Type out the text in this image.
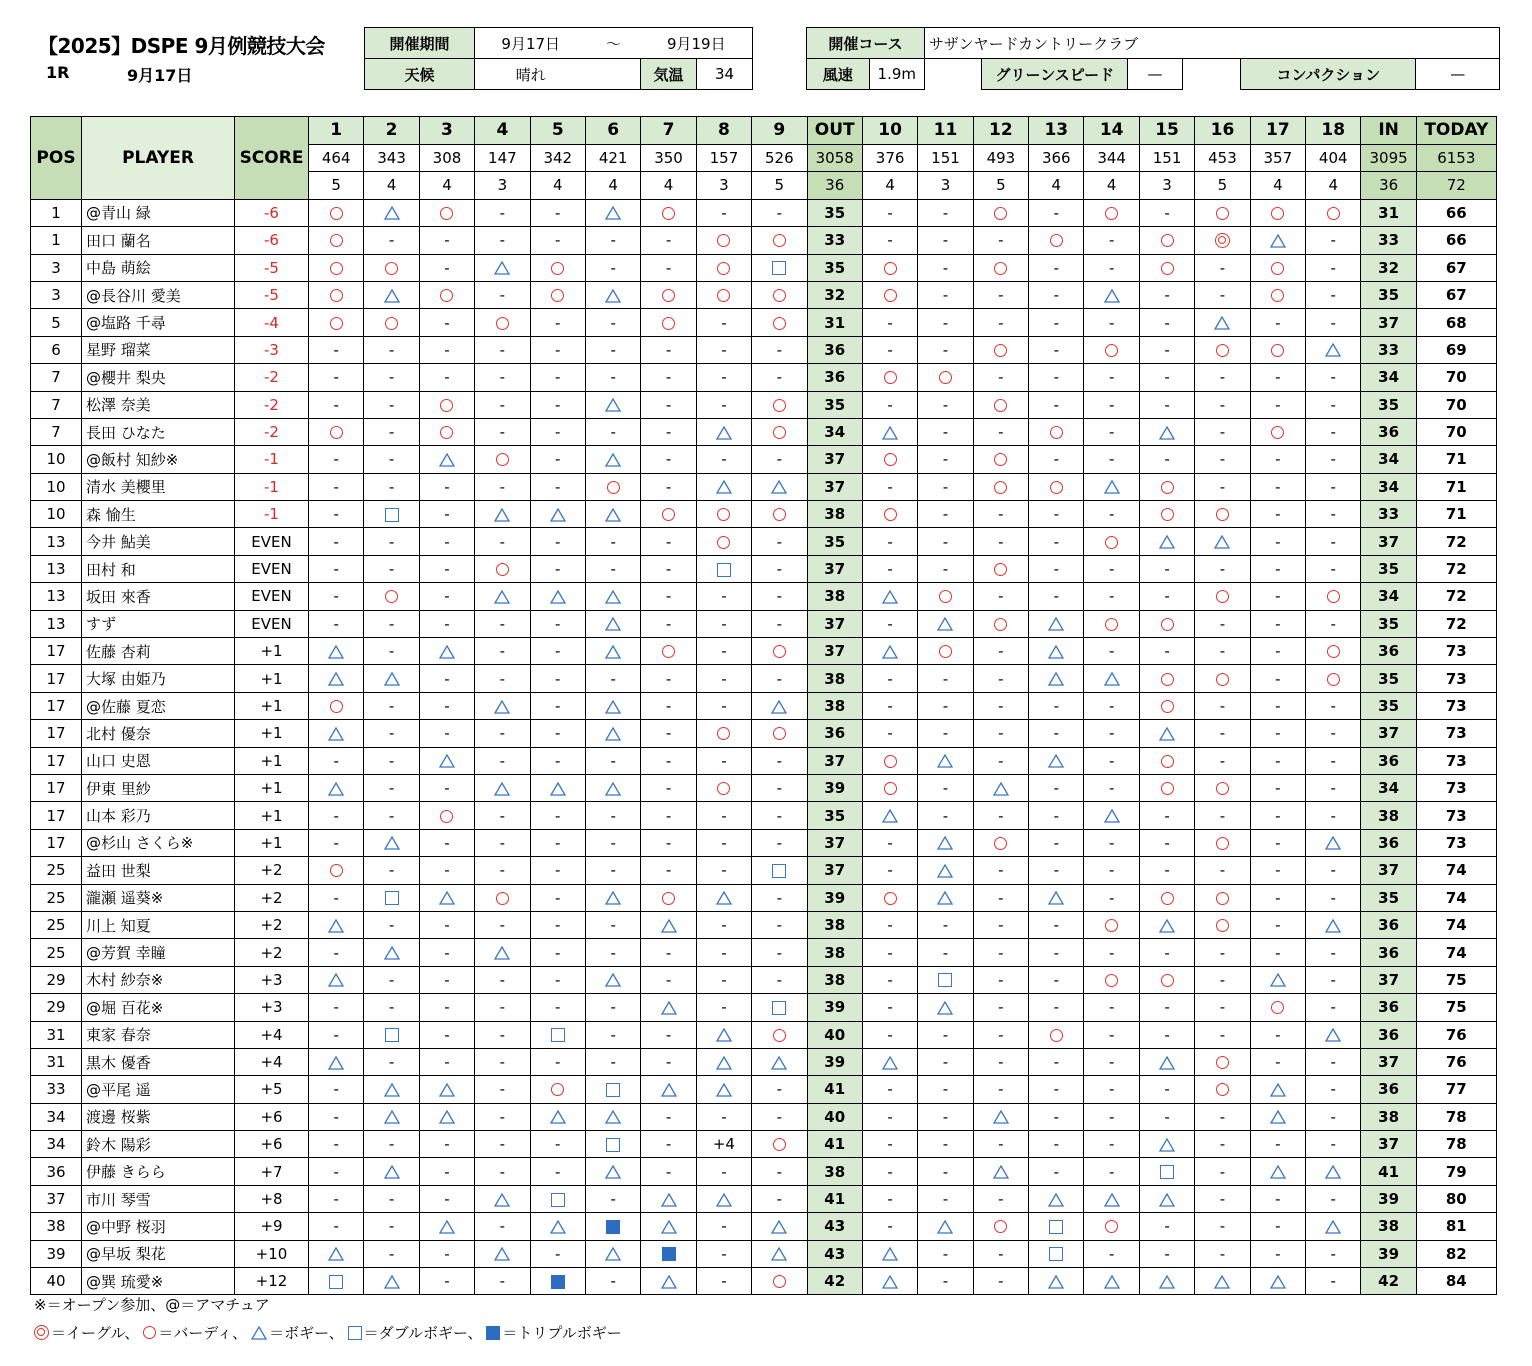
【2025】DSPE 9月例競技大会
1R	9月17日
開催期間	9月17日	〜	9月19日	
天候	晴れ		気温	34
開催コース		サザンヤードカントリークラブ					
風速	1.9m		グリーンスピード	—		コンパクション	—
POS	PLAYER	SCORE	1	2	3	4	5	6	7	8	9	OUT	10	11	12	13	14	15	16	17	18	IN	TODAY
			464	343	308	147	342	421	350	157	526	3058	376	151	493	366	344	151	453	357	404	3095	6153
			5	4	4	3	4	4	4	3	5	36	4	3	5	4	4	3	5	4	4	36	72
1	@青山 緑	-6				-	-			-	-	35	-	-		-		-				31	66
1	田口 蘭名	-6		-	-	-	-	-	-			33	-	-	-		-				-	33	66
3	中島 萌絵	-5			-			-	-			35		-		-	-		-		-	32	67
3	@長谷川 愛美	-5				-						32		-	-	-		-	-		-	35	67
5	@塩路 千尋	-4			-		-	-		-		31	-	-	-	-	-	-		-	-	37	68
6	星野 瑠菜	-3	-	-	-	-	-	-	-	-	-	36	-	-		-		-				33	69
7	@櫻井 梨央	-2	-	-	-	-	-	-	-	-	-	36			-	-	-	-	-	-	-	34	70
7	松澤 奈美	-2	-	-		-	-		-	-		35	-	-		-	-	-	-	-	-	35	70
7	長田 ひなた	-2		-		-	-	-	-			34		-	-		-		-		-	36	70
10	@飯村 知紗※	-1	-	-			-		-	-	-	37		-		-	-	-	-	-	-	34	71
10	清水 美櫻里	-1	-	-	-	-	-		-			37	-	-					-	-	-	34	71
10	森 愉生	-1	-		-							38		-	-	-	-			-	-	33	71
13	今井 鮎美	EVEN	-	-	-	-	-	-	-		-	35	-	-	-	-				-	-	37	72
13	田村 和	EVEN	-	-	-		-	-	-		-	37	-	-		-	-	-	-	-	-	35	72
13	坂田 來香	EVEN	-		-				-	-	-	38			-	-	-	-		-		34	72
13	すず	EVEN	-	-	-	-	-		-	-	-	37	-						-	-	-	35	72
17	佐藤 杏莉	+1		-		-	-			-		37			-		-	-	-	-		36	73
17	大塚 由姫乃	+1			-	-	-	-	-	-	-	38	-	-	-					-		35	73
17	@佐藤 夏恋	+1		-	-		-		-	-		38	-	-	-	-	-		-	-	-	35	73
17	北村 優奈	+1		-	-	-	-		-			36	-	-	-	-	-		-	-	-	37	73
17	山口 史恩	+1	-	-		-	-	-	-	-	-	37			-		-		-	-	-	36	73
17	伊東 里紗	+1		-	-				-		-	39		-		-	-			-	-	34	73
17	山本 彩乃	+1	-	-		-	-	-	-	-	-	35		-	-	-		-	-	-	-	38	73
17	@杉山 さくら※	+1	-		-	-	-	-	-	-	-	37	-			-	-	-		-		36	73
25	益田 世梨	+2		-	-	-	-	-	-	-		37	-		-	-	-	-	-	-	-	37	74
25	瀧瀬 遥葵※	+2	-				-				-	39			-		-			-	-	35	74
25	川上 知夏	+2		-	-	-	-	-		-	-	38	-	-	-	-				-		36	74
25	@芳賀 幸瞳	+2	-		-		-	-	-	-	-	38	-	-	-	-	-	-	-	-	-	36	74
29	木村 紗奈※	+3		-	-	-	-		-	-	-	38	-		-	-			-		-	37	75
29	@堀 百花※	+3	-	-	-	-	-	-		-		39	-		-	-	-	-	-		-	36	75
31	東家 春奈	+4	-		-	-		-	-			40	-	-	-		-	-	-	-		36	76
31	黒木 優香	+4		-	-	-	-	-	-			39		-	-	-	-			-	-	37	76
33	@平尾 遥	+5	-			-					-	41	-	-	-	-	-	-			-	36	77
34	渡邊 桜紫	+6	-			-			-	-	-	40	-	-		-	-	-	-		-	38	78
34	鈴木 陽彩	+6	-	-	-	-	-		-	+4		41	-	-	-	-	-		-	-	-	37	78
36	伊藤 きらら	+7	-		-	-	-		-	-	-	38	-	-		-	-		-			41	79
37	市川 琴雪	+8	-	-	-			-			-	41	-	-	-				-	-	-	39	80
38	@中野 桜羽	+9	-	-		-				-		43	-					-	-	-		38	81
39	@早坂 梨花	+10		-	-		-			-		43		-	-		-	-	-	-	-	39	82
40	@巽 琉愛※	+12			-	-		-		-		42		-	-						-	42	84
※＝オープン参加、@＝アマチュア
＝イーグル、 ＝バーディ、 ＝ボギー、 ＝ダブルボギー、 ＝トリプルボギー
